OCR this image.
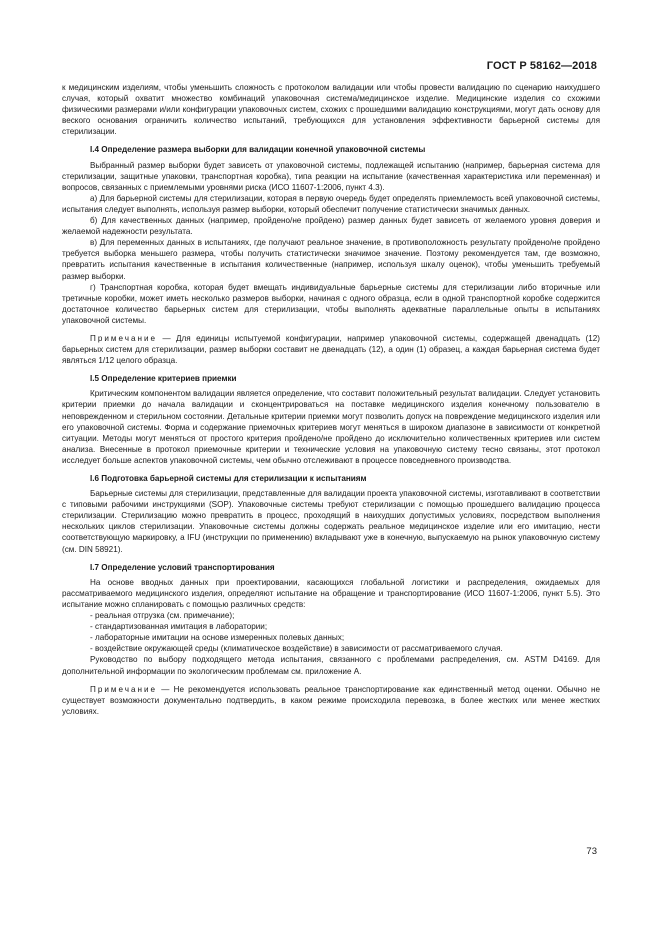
ГОСТ Р 58162—2018

к медицинским изделиям, чтобы уменьшить сложность с протоколом валидации или чтобы провести валидацию по сценарию наихудшего случая, который охватит множество комбинаций упаковочная система/медицинское изделие. Медицинские изделия со схожими физическими размерами и/или конфигурации упаковочных систем, схожих с прошедшими валидацию конструкциями, могут дать основу для веского основания ограничить количество испытаний, требующихся для установления эффективности барьерной системы для стерилизации.

I.4 Определение размера выборки для валидации конечной упаковочной системы

Выбранный размер выборки будет зависеть от упаковочной системы, подлежащей испытанию (например, барьерная система для стерилизации, защитные упаковки, транспортная коробка), типа реакции на испытание (качественная характеристика или переменная) и вопросов, связанных с приемлемыми уровнями риска (ИСО 11607-1:2006, пункт 4.3).

а) Для барьерной системы для стерилизации, которая в первую очередь будет определять приемлемость всей упаковочной системы, испытания следует выполнять, используя размер выборки, который обеспечит получение статистически значимых данных.

б) Для качественных данных (например, пройдено/не пройдено) размер данных будет зависеть от желаемого уровня доверия и желаемой надежности результата.

в) Для переменных данных в испытаниях, где получают реальное значение, в противоположность результату пройдено/не пройдено требуется выборка меньшего размера, чтобы получить статистически значимое значение. Поэтому рекомендуется там, где возможно, превратить испытания качественные в испытания количественные (например, используя шкалу оценок), чтобы уменьшить требуемый размер выборки.

г) Транспортная коробка, которая будет вмещать индивидуальные барьерные системы для стерилизации либо вторичные или третичные коробки, может иметь несколько размеров выборки, начиная с одного образца, если в одной транспортной коробке содержится достаточное количество барьерных систем для стерилизации, чтобы выполнять адекватные параллельные опыты в испытаниях упаковочной системы.

Примечание — Для единицы испытуемой конфигурации, например упаковочной системы, содержащей двенадцать (12) барьерных систем для стерилизации, размер выборки составит не двенадцать (12), а один (1) образец, а каждая барьерная система будет являться 1/12 целого образца.

I.5 Определение критериев приемки

Критическим компонентом валидации является определение, что составит положительный результат валидации. Следует установить критерии приемки до начала валидации и сконцентрироваться на поставке медицинского изделия конечному пользователю в неповрежденном и стерильном состоянии. Детальные критерии приемки могут позволить допуск на повреждение медицинского изделия или его упаковочной системы. Форма и содержание приемочных критериев могут меняться в широком диапазоне в зависимости от конкретной ситуации. Методы могут меняться от простого критерия пройдено/не пройдено до исключительно количественных критериев или систем анализа. Внесенные в протокол приемочные критерии и технические условия на упаковочную систему тесно связаны, этот протокол исследует больше аспектов упаковочной системы, чем обычно отслеживают в процессе повседневного производства.

I.6 Подготовка барьерной системы для стерилизации к испытаниям

Барьерные системы для стерилизации, представленные для валидации проекта упаковочной системы, изготавливают в соответствии с типовыми рабочими инструкциями (SOP). Упаковочные системы требуют стерилизации с помощью прошедшего валидацию процесса стерилизации. Стерилизацию можно превратить в процесс, проходящий в наихудших допустимых условиях, посредством выполнения нескольких циклов стерилизации. Упаковочные системы должны содержать реальное медицинское изделие или его имитацию, нести соответствующую маркировку, а IFU (инструкции по применению) вкладывают уже в конечную, выпускаемую на рынок упаковочную систему (см. DIN 58921).

I.7 Определение условий транспортирования

На основе вводных данных при проектировании, касающихся глобальной логистики и распределения, ожидаемых для рассматриваемого медицинского изделия, определяют испытание на обращение и транспортирование (ИСО 11607-1:2006, пункт 5.5). Это испытание можно спланировать с помощью различных средств:

- реальная отгрузка (см. примечание);
- стандартизованная имитация в лаборатории;
- лабораторные имитации на основе измеренных полевых данных;
- воздействие окружающей среды (климатическое воздействие) в зависимости от рассматриваемого случая.

Руководство по выбору подходящего метода испытания, связанного с проблемами распределения, см. ASTM D4169. Для дополнительной информации по экологическим проблемам см. приложение А.

Примечание — Не рекомендуется использовать реальное транспортирование как единственный метод оценки. Обычно не существует возможности документально подтвердить, в каком режиме происходила перевозка, в более жестких или менее жестких условиях.

73
